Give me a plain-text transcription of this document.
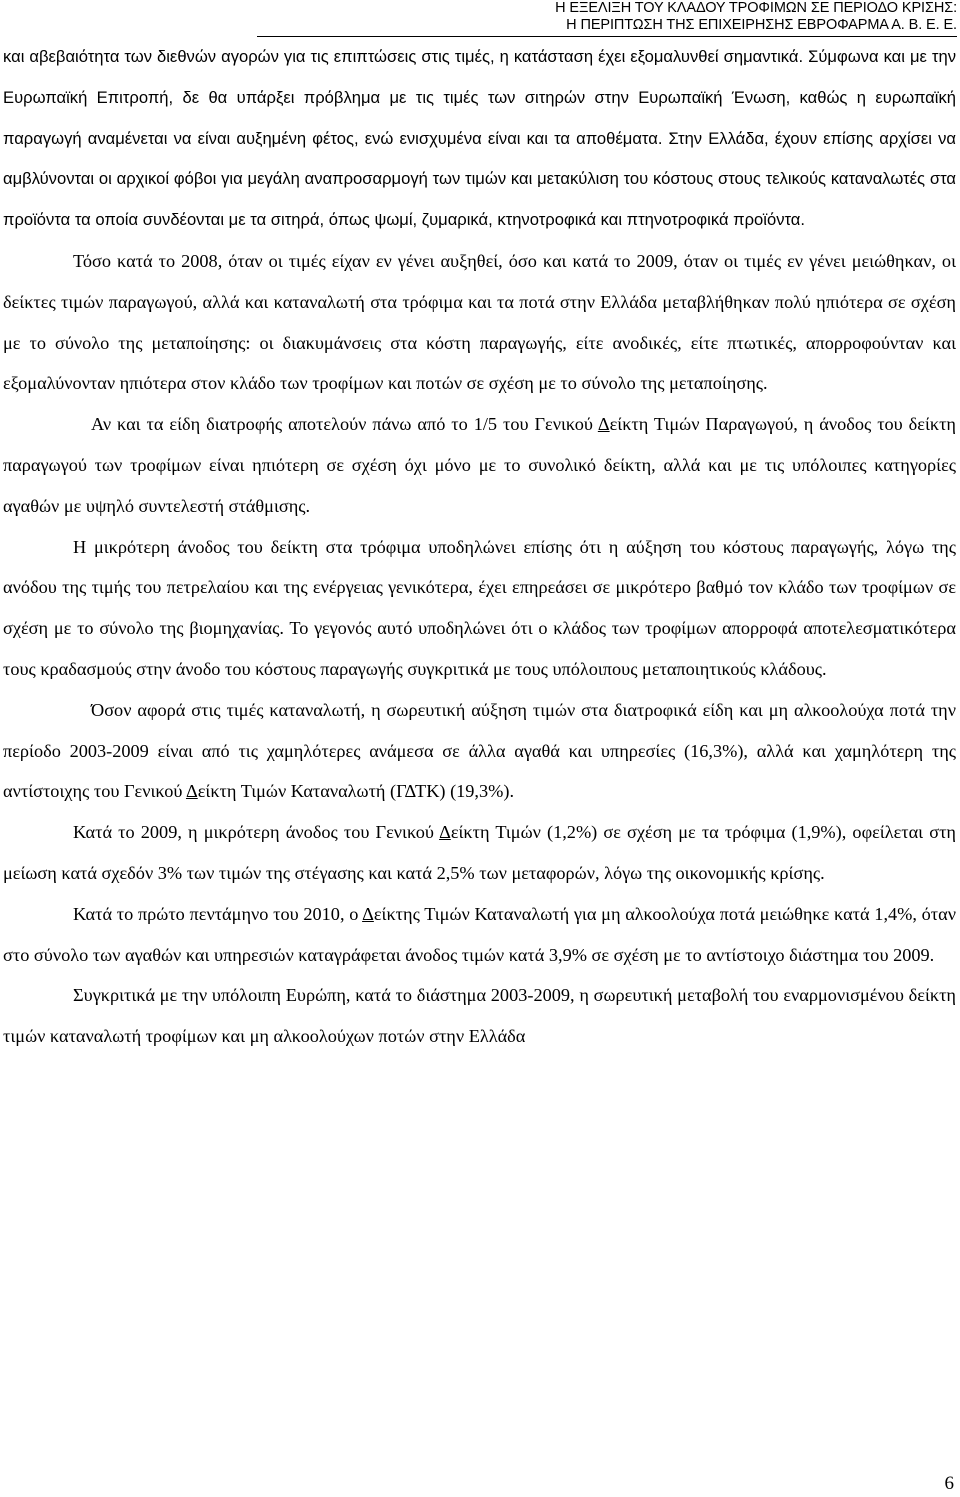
Η ΕΞΕΛΙΞΗ ΤΟΥ ΚΛΑΔΟΥ ΤΡΟΦΙΜΩΝ ΣΕ ΠΕΡΙΟΔΟ ΚΡΙΣΗΣ:
Η ΠΕΡΙΠΤΩΣΗ ΤΗΣ ΕΠΙΧΕΙΡΗΣΗΣ ΕΒΡΟΦΑΡΜΑ Α. Β. Ε. Ε.

και αβεβαιότητα των διεθνών αγορών για τις επιπτώσεις στις τιμές, η κατάσταση έχει εξομαλυνθεί σημαντικά. Σύμφωνα και με την Ευρωπαϊκή Επιτροπή, δε θα υπάρξει πρόβλημα με τις τιμές των σιτηρών στην Ευρωπαϊκή Ένωση, καθώς η ευρωπαϊκή παραγωγή αναμένεται να είναι αυξημένη φέτος, ενώ ενισχυμένα είναι και τα αποθέματα. Στην Ελλάδα, έχουν επίσης αρχίσει να αμβλύνονται οι αρχικοί φόβοι για μεγάλη αναπροσαρμογή των τιμών και μετακύλιση του κόστους στους τελικούς καταναλωτές στα προϊόντα τα οποία συνδέονται με τα σιτηρά, όπως ψωμί, ζυμαρικά, κτηνοτροφικά και πτηνοτροφικά προϊόντα.

Τόσο κατά το 2008, όταν οι τιμές είχαν εν γένει αυξηθεί, όσο και κατά το 2009, όταν οι τιμές εν γένει μειώθηκαν, οι δείκτες τιμών παραγωγού, αλλά και καταναλωτή στα τρόφιμα και τα ποτά στην Ελλάδα μεταβλήθηκαν πολύ ηπιότερα σε σχέση με το σύνολο της μεταποίησης: οι διακυμάνσεις στα κόστη παραγωγής, είτε ανοδικές, είτε πτωτικές, απορροφούνταν και εξομαλύνονταν ηπιότερα στον κλάδο των τροφίμων και ποτών σε σχέση με το σύνολο της μεταποίησης.

Αν και τα είδη διατροφής αποτελούν πάνω από το 1/5 του Γενικού Δείκτη Τιμών Παραγωγού, η άνοδος του δείκτη παραγωγού των τροφίμων είναι ηπιότερη σε σχέση όχι μόνο με το συνολικό δείκτη, αλλά και με τις υπόλοιπες κατηγορίες αγαθών με υψηλό συντελεστή στάθμισης.

Η μικρότερη άνοδος του δείκτη στα τρόφιμα υποδηλώνει επίσης ότι η αύξηση του κόστους παραγωγής, λόγω της ανόδου της τιμής του πετρελαίου και της ενέργειας γενικότερα, έχει επηρεάσει σε μικρότερο βαθμό τον κλάδο των τροφίμων σε σχέση με το σύνολο της βιομηχανίας. Το γεγονός αυτό υποδηλώνει ότι ο κλάδος των τροφίμων απορροφά αποτελεσματικότερα τους κραδασμούς στην άνοδο του κόστους παραγωγής συγκριτικά με τους υπόλοιπους μεταποιητικούς κλάδους.

Όσον αφορά στις τιμές καταναλωτή, η σωρευτική αύξηση τιμών στα διατροφικά είδη και μη αλκοολούχα ποτά την περίοδο 2003-2009 είναι από τις χαμηλότερες ανάμεσα σε άλλα αγαθά και υπηρεσίες (16,3%), αλλά και χαμηλότερη της αντίστοιχης του Γενικού Δείκτη Τιμών Καταναλωτή (ΓΔΤΚ) (19,3%).

Κατά το 2009, η μικρότερη άνοδος του Γενικού Δείκτη Τιμών (1,2%) σε σχέση με τα τρόφιμα (1,9%), οφείλεται στη μείωση κατά σχεδόν 3% των τιμών της στέγασης και κατά 2,5% των μεταφορών, λόγω της οικονομικής κρίσης.

Κατά το πρώτο πεντάμηνο του 2010, ο Δείκτης Τιμών Καταναλωτή για μη αλκοολούχα ποτά μειώθηκε κατά 1,4%, όταν στο σύνολο των αγαθών και υπηρεσιών καταγράφεται άνοδος τιμών κατά 3,9% σε σχέση με το αντίστοιχο διάστημα του 2009.

Συγκριτικά με την υπόλοιπη Ευρώπη, κατά το διάστημα 2003-2009, η σωρευτική μεταβολή του εναρμονισμένου δείκτη τιμών καταναλωτή τροφίμων και μη αλκοολούχων ποτών στην Ελλάδα

6
